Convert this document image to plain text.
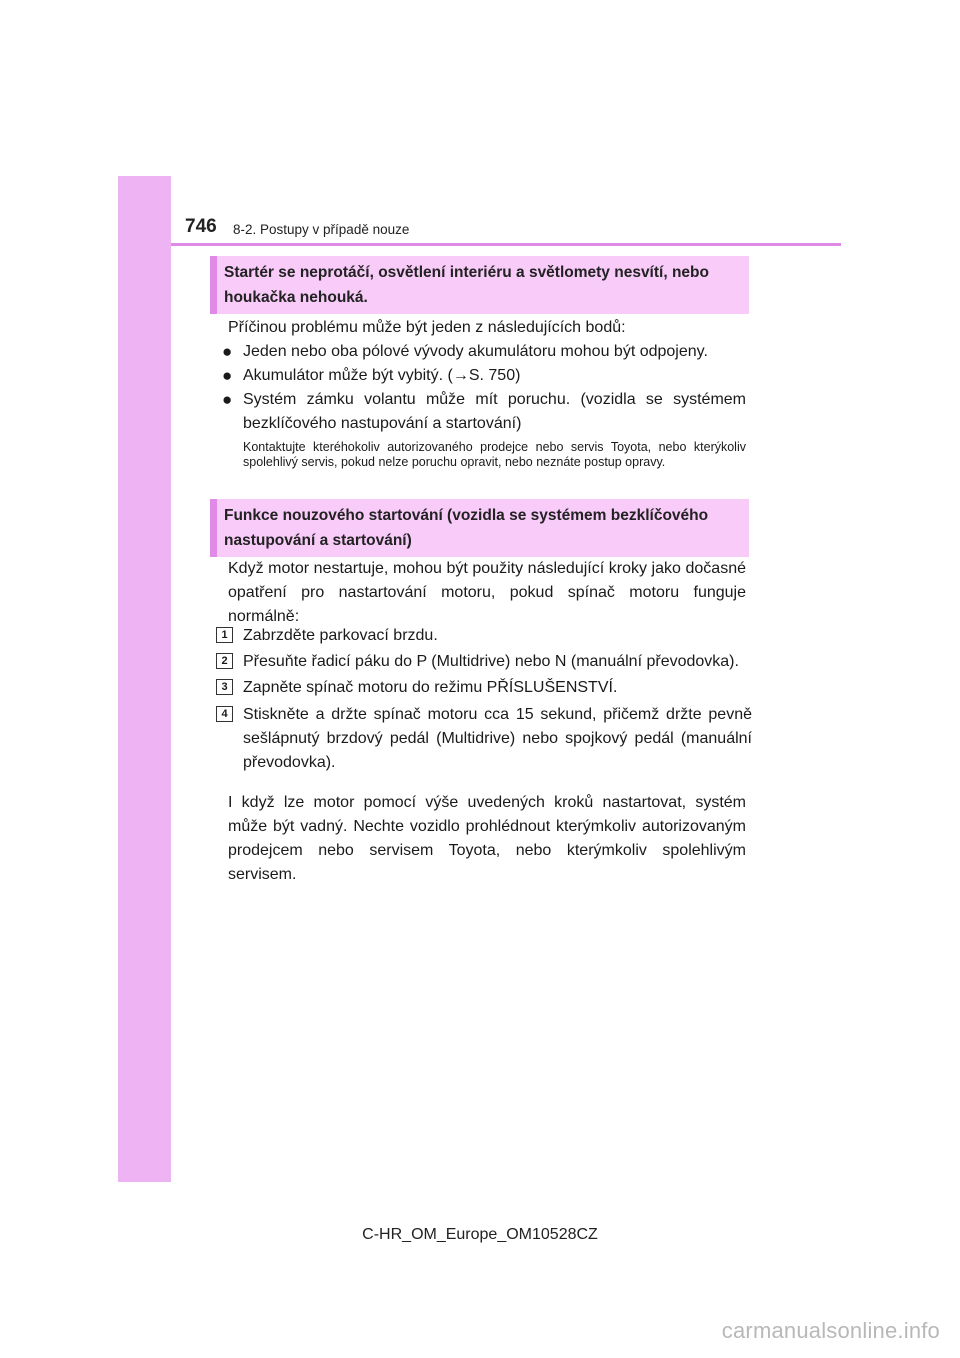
746 8-2. Postupy v případě nouze
Startér se neprotáčí, osvětlení interiéru a světlomety nesvítí, nebo houkačka nehouká.
Příčinou problému může být jeden z následujících bodů:
● Jeden nebo oba pólové vývody akumulátoru mohou být odpojeny.
● Akumulátor může být vybitý. (→S. 750)
● Systém zámku volantu může mít poruchu. (vozidla se systémem bezklíčového nastupování a startování)
Kontaktujte kteréhokoliv autorizovaného prodejce nebo servis Toyota, nebo kterýkoliv spolehlivý servis, pokud nelze poruchu opravit, nebo neznáte postup opravy.
Funkce nouzového startování (vozidla se systémem bezklíčového nastupování a startování)
Když motor nestartuje, mohou být použity následující kroky jako dočasné opatření pro nastartování motoru, pokud spínač motoru funguje normálně:
1 Zabrzděte parkovací brzdu.
2 Přesuňte řadicí páku do P (Multidrive) nebo N (manuální převodovka).
3 Zapněte spínač motoru do režimu PŘÍSLUŠENSTVÍ.
4 Stiskněte a držte spínač motoru cca 15 sekund, přičemž držte pevně sešlápnutý brzdový pedál (Multidrive) nebo spojkový pedál (manuální převodovka).
I když lze motor pomocí výše uvedených kroků nastartovat, systém může být vadný. Nechte vozidlo prohlédnout kterýmkoliv autorizovaným prodejcem nebo servisem Toyota, nebo kterýmkoliv spolehlivým servisem.
C-HR_OM_Europe_OM10528CZ
carmanualsonline.info
